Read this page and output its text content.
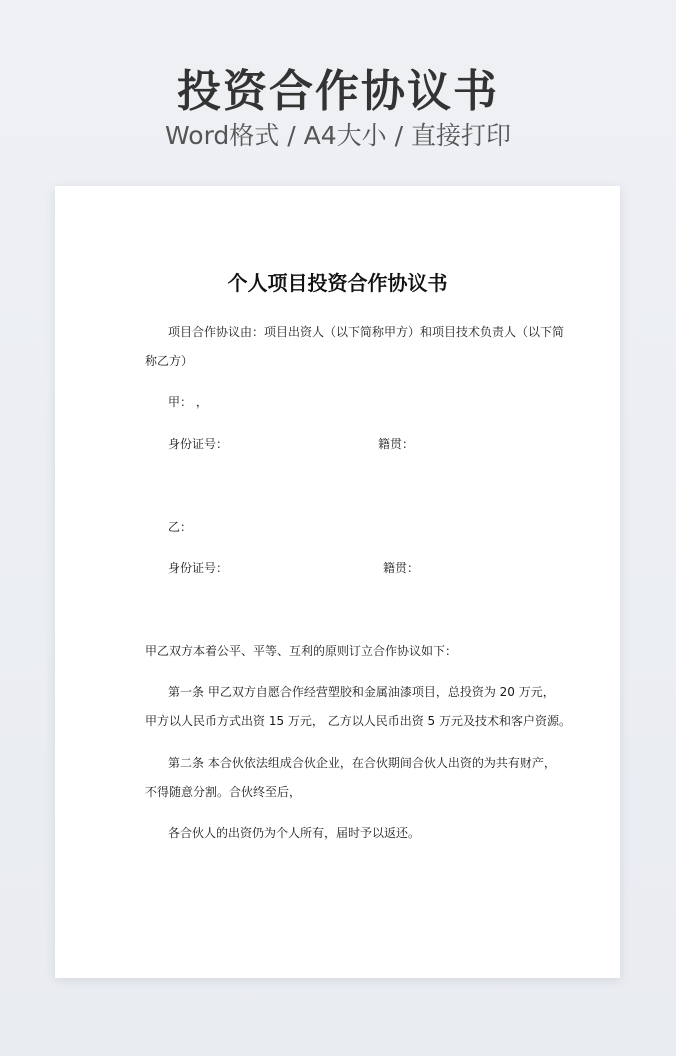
投资合作协议书
Word格式 / A4大小 / 直接打印
个人项目投资合作协议书
项目合作协议由：项目出资人（以下简称甲方）和项目技术负责人（以下简
称乙方）
甲： ，
身份证号：	籍贯：
乙：
身份证号：	籍贯：
甲乙双方本着公平、平等、互利的原则订立合作协议如下：
第一条 甲乙双方自愿合作经营塑胶和金属油漆项目，总投资为 20 万元，
甲方以人民币方式出资 15 万元， 乙方以人民币出资 5 万元及技术和客户资源。
第二条 本合伙依法组成合伙企业，在合伙期间合伙人出资的为共有财产，
不得随意分割。合伙终至后，
各合伙人的出资仍为个人所有，届时予以返还。
